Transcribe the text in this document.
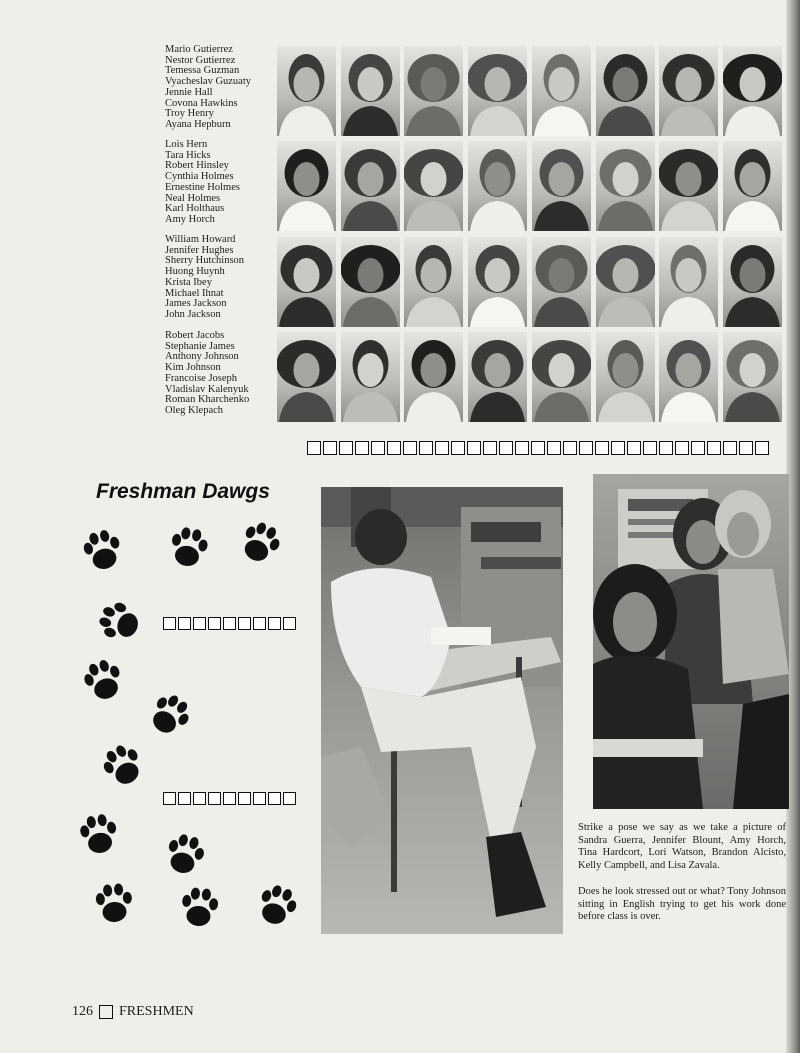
Mario Gutierrez
Nestor Gutierrez
Temessa Guzman
Vyacheslav Guzuaty
Jennie Hall
Covona Hawkins
Troy Henry
Ayana Hepburn
Lois Hern
Tara Hicks
Robert Hinsley
Cynthia Holmes
Ernestine Holmes
Neal Holmes
Karl Holthaus
Amy Horch
William Howard
Jennifer Hughes
Sherry Hutchinson
Huong Huynh
Krista Ibey
Michael Ihnat
James Jackson
John Jackson
Robert Jacobs
Stephanie James
Anthony Johnson
Kim Johnson
Francoise Joseph
Vladislav Kalenyuk
Roman Kharchenko
Oleg Klepach
Freshman Dawgs
Strike a pose we say as we take a picture of Sandra Guerra, Jennifer Blount, Amy Horch, Tina Hardcort, Lori Watson, Brandon Alcisto, Kelly Campbell, and Lisa Zavala.
Does he look stressed out or what? Tony Johnson sitting in English trying to get his work done before class is over.
126 FRESHMEN
